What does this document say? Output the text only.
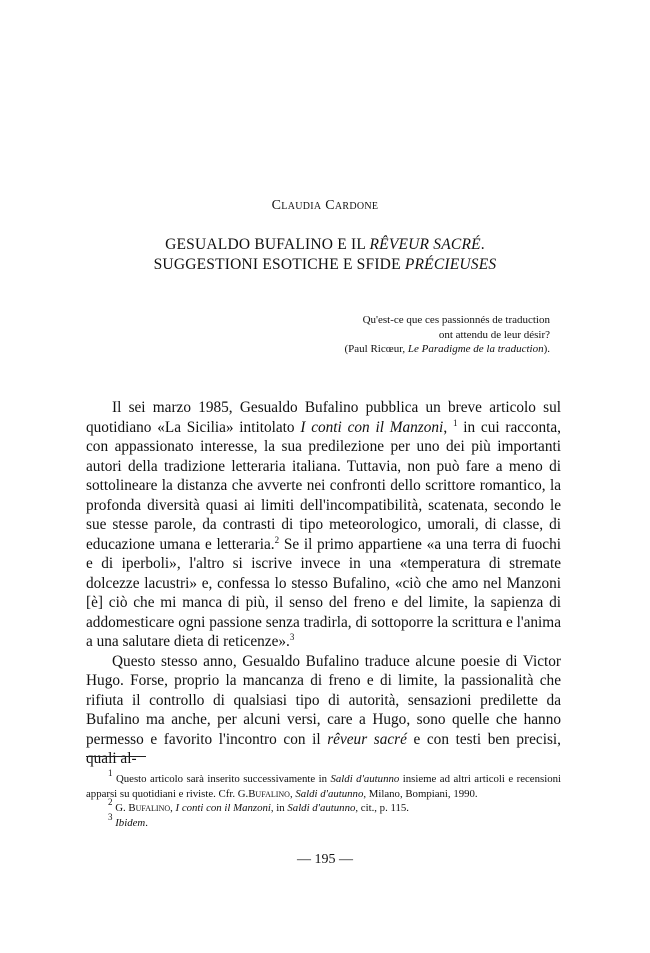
Claudia Cardone
GESUALDO BUFALINO E IL RÊVEUR SACRÉ.
SUGGESTIONI ESOTICHE E SFIDE PRÉCIEUSES
Qu'est-ce que ces passionnés de traduction
ont attendu de leur désir?
(Paul Ricœur, Le Paradigme de la traduction).

Il sei marzo 1985, Gesualdo Bufalino pubblica un breve articolo sul quotidiano «La Sicilia» intitolato I conti con il Manzoni, $^1$ in cui racconta, con appassionato interesse, la sua predilezione per uno dei più importanti autori della tradizione letteraria italiana. Tuttavia, non può fare a meno di sottolineare la distanza che avverte nei confronti dello scrittore romantico, la profonda diversità quasi ai limiti dell'incompatibilità, scatenata, secondo le sue stesse parole, da contrasti di tipo meteorologico, umorali, di classe, di educazione umana e letteraria.$^2$ Se il primo appartiene «a una terra di fuochi e di iperboli», l'altro si iscrive invece in una «temperatura di stremate dolcezze lacustri» e, confessa lo stesso Bufalino, «ciò che amo nel Manzoni [è] ciò che mi manca di più, il senso del freno e del limite, la sapienza di addomesticare ogni passione senza tradirla, di sottoporre la scrittura e l'anima a una salutare dieta di reticenze».$^3$

Questo stesso anno, Gesualdo Bufalino traduce alcune poesie di Victor Hugo. Forse, proprio la mancanza di freno e di limite, la passionalità che rifiuta il controllo di qualsiasi tipo di autorità, sensazioni predilette da Bufalino ma anche, per alcuni versi, care a Hugo, sono quelle che hanno permesso e favorito l'incontro con il rêveur sacré e con testi ben precisi, quali al-

$^1$ Questo articolo sarà inserito successivamente in Saldi d'autunno insieme ad altri articoli e recensioni apparsi su quotidiani e riviste. Cfr. G.Bufalino, Saldi d'autunno, Milano, Bompiani, 1990.

$^2$ G. Bufalino, I conti con il Manzoni, in Saldi d'autunno, cit., p. 115.

$^3$ Ibidem.

— 195 —
